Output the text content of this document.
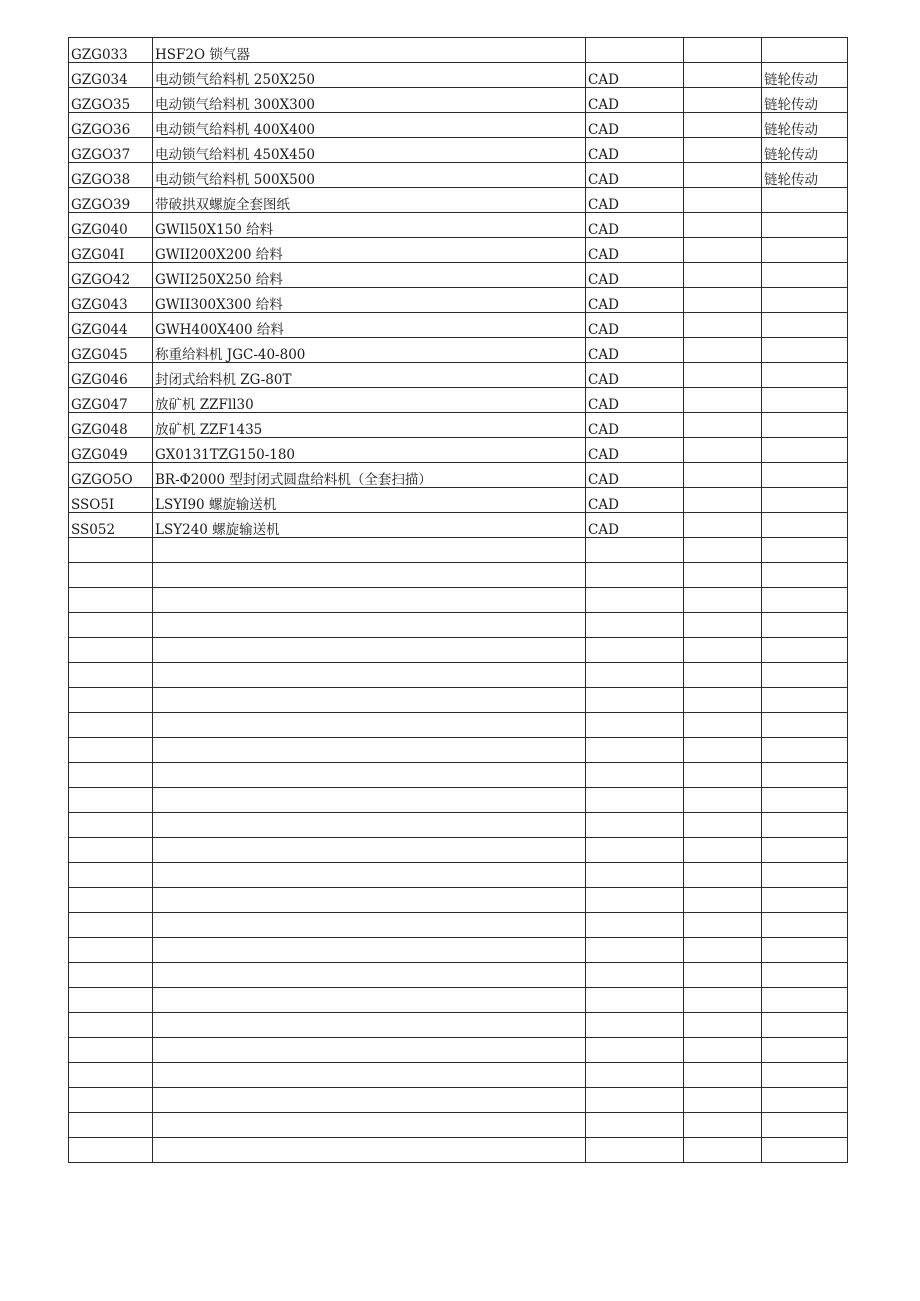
GZG033	HSF2O 锁气器			
GZG034	电动锁气给料机 250X250	CAD		链轮传动
GZGO35	电动锁气给料机 300X300	CAD		链轮传动
GZGO36	电动锁气给料机 400X400	CAD		链轮传动
GZGO37	电动锁气给料机 450X450	CAD		链轮传动
GZGO38	电动锁气给料机 500X500	CAD		链轮传动
GZGO39	带破拱双螺旋全套图纸	CAD		
GZG040	GWIl50X150 给料	CAD		
GZG04I	GWII200X200 给料	CAD		
GZGO42	GWII250X250 给料	CAD		
GZG043	GWII300X300 给料	CAD		
GZG044	GWH400X400 给料	CAD		
GZG045	称重给料机 JGC-40-800	CAD		
GZG046	封闭式给料机 ZG-80T	CAD		
GZG047	放矿机 ZZFll30	CAD		
GZG048	放矿机 ZZF1435	CAD		
GZG049	GX0131TZG150-180	CAD		
GZGO5O	BR-Φ2000 型封闭式圆盘给料机（全套扫描）	CAD		
SSO5I	LSYI90 螺旋输送机	CAD		
SS052	LSY240 螺旋输送机	CAD		
